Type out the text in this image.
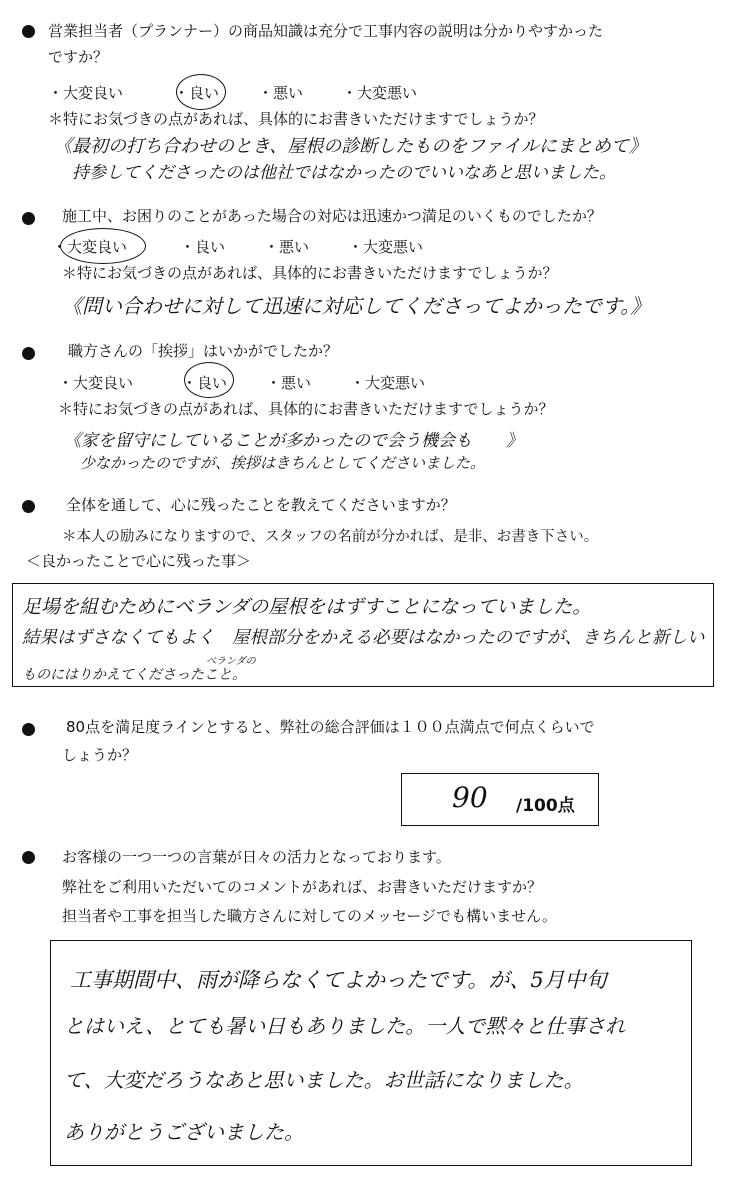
営業担当者（プランナー）の商品知識は充分で工事内容の説明は分かりやすかった
ですか？
・大変良い	・良い	・悪い	・大変悪い
＊特にお気づきの点があれば、具体的にお書きいただけますでしょうか？
《最初の打ち合わせのとき、屋根の診断したものをファイルにまとめて》
持参してくださったのは他社ではなかったのでいいなあと思いました。
施工中、お困りのことがあった場合の対応は迅速かつ満足のいくものでしたか？
・大変良い	・良い	・悪い	・大変悪い
＊特にお気づきの点があれば、具体的にお書きいただけますでしょうか？
《問い合わせに対して迅速に対応してくださってよかったです。》
職方さんの「挨拶」はいかがでしたか？
・大変良い	・良い	・悪い	・大変悪い
＊特にお気づきの点があれば、具体的にお書きいただけますでしょうか？
《家を留守にしていることが多かったので会う機会も　　》
少なかったのですが、挨拶はきちんとしてくださいました。
全体を通して、心に残ったことを教えてくださいますか？
＊本人の励みになりますので、スタッフの名前が分かれば、是非、お書き下さい。
＜良かったことで心に残った事＞
足場を組むためにベランダの屋根をはずすことになっていました。
ベランダの
結果はずさなくてもよく　屋根部分をかえる必要はなかったのですが、きちんと新しい
ものにはりかえてくださったこと。
80点を満足度ラインとすると、弊社の総合評価は１００点満点で何点くらいで
しょうか？
90 /100点
お客様の一つ一つの言葉が日々の活力となっております。
弊社をご利用いただいてのコメントがあれば、お書きいただけますか？
担当者や工事を担当した職方さんに対してのメッセージでも構いません。
工事期間中、雨が降らなくてよかったです。が、5月中旬
とはいえ、とても暑い日もありました。一人で黙々と仕事され
て、大変だろうなあと思いました。お世話になりました。
ありがとうございました。
